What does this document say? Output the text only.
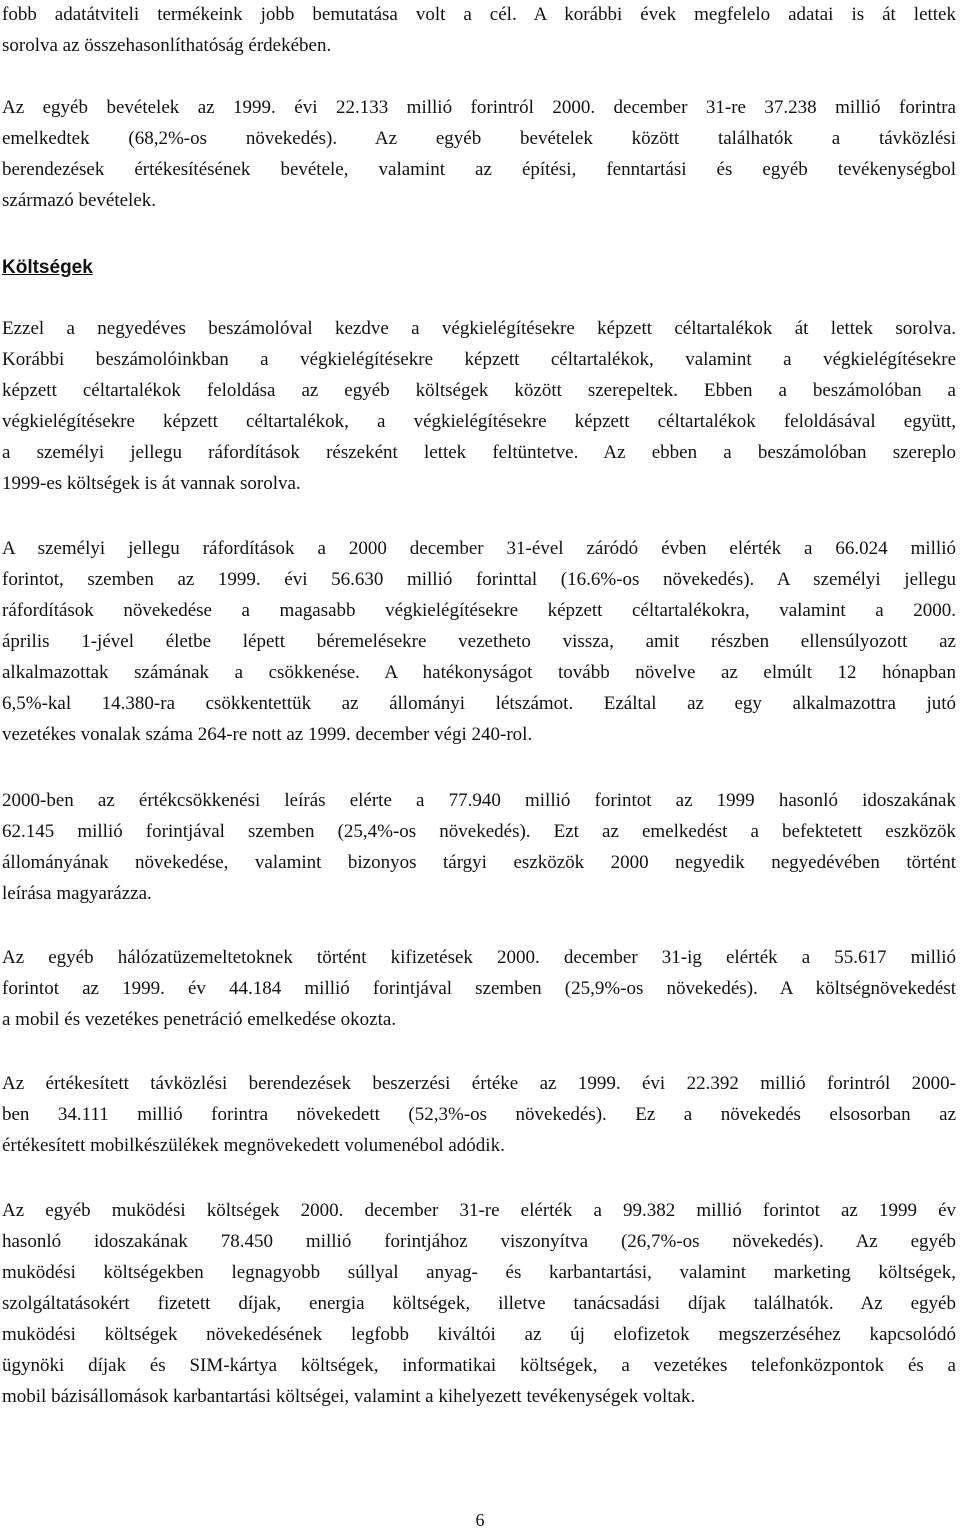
fobb adatátviteli termékeink jobb bemutatása volt a cél. A korábbi évek megfelelo adatai is át lettek
sorolva az összehasonlíthatóság érdekében.
Az egyéb bevételek az 1999. évi 22.133 millió forintról 2000. december 31-re 37.238 millió forintra
emelkedtek (68,2%-os növekedés). Az egyéb bevételek között találhatók a távközlési
berendezések értékesítésének bevétele, valamint az építési, fenntartási és egyéb tevékenységbol
származó bevételek.
Költségek
Ezzel a negyedéves beszámolóval kezdve a végkielégítésekre képzett céltartalékok át lettek sorolva.
Korábbi beszámolóinkban a végkielégítésekre képzett céltartalékok, valamint a végkielégítésekre
képzett céltartalékok feloldása az egyéb költségek között szerepeltek. Ebben a beszámolóban a
végkielégítésekre képzett céltartalékok, a végkielégítésekre képzett céltartalékok feloldásával együtt,
a személyi jellegu ráfordítások részeként lettek feltüntetve. Az ebben a beszámolóban szereplo
1999-es költségek is át vannak sorolva.
A személyi jellegu ráfordítások a 2000 december 31-ével záródó évben elérték a 66.024 millió
forintot, szemben az 1999. évi 56.630 millió forinttal (16.6%-os növekedés). A személyi jellegu
ráfordítások növekedése a magasabb végkielégítésekre képzett céltartalékokra, valamint a 2000.
április 1-jével életbe lépett béremelésekre vezetheto vissza, amit részben ellensúlyozott az
alkalmazottak számának a csökkenése. A hatékonyságot tovább növelve az elmúlt 12 hónapban
6,5%-kal 14.380-ra csökkentettük az állományi létszámot. Ezáltal az egy alkalmazottra jutó
vezetékes vonalak száma 264-re nott az 1999. december végi 240-rol.
2000-ben az értékcsökkenési leírás elérte a 77.940 millió forintot az 1999 hasonló idoszakának
62.145 millió forintjával szemben (25,4%-os növekedés). Ezt az emelkedést a befektetett eszközök
állományának növekedése, valamint bizonyos tárgyi eszközök 2000 negyedik negyedévében történt
leírása magyarázza.
Az egyéb hálózatüzemeltetoknek történt kifizetések 2000. december 31-ig elérték a 55.617 millió
forintot az 1999. év 44.184 millió forintjával szemben (25,9%-os növekedés). A költségnövekedést
a mobil és vezetékes penetráció emelkedése okozta.
Az értékesített távközlési berendezések beszerzési értéke az 1999. évi 22.392 millió forintról 2000-
ben 34.111 millió forintra növekedett (52,3%-os növekedés). Ez a növekedés elsosorban az
értékesített mobilkészülékek megnövekedett volumenébol adódik.
Az egyéb muködési költségek 2000. december 31-re elérték a 99.382 millió forintot az 1999 év
hasonló idoszakának 78.450 millió forintjához viszonyítva (26,7%-os növekedés). Az egyéb
muködési költségekben legnagyobb súllyal anyag- és karbantartási, valamint marketing költségek,
szolgáltatásokért fizetett díjak, energia költségek, illetve tanácsadási díjak találhatók. Az egyéb
muködési költségek növekedésének legfobb kiváltói az új elofizetok megszerzéséhez kapcsolódó
ügynöki díjak és SIM-kártya költségek, informatikai költségek, a vezetékes telefonközpontok és a
mobil bázisállomások karbantartási költségei, valamint a kihelyezett tevékenységek voltak.
6
